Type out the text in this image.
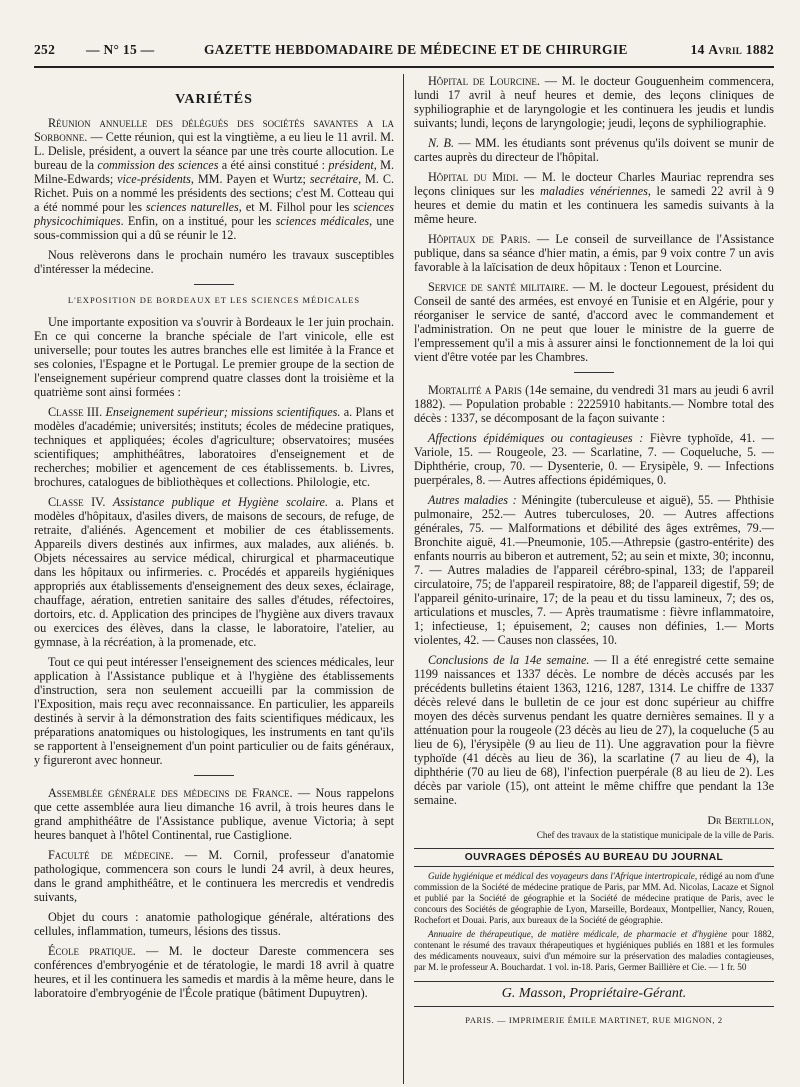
252 — N° 15 —	GAZETTE HEBDOMADAIRE DE MÉDECINE ET DE CHIRURGIE	14 Avril 1882
VARIÉTÉS

Réunion annuelle des délégués des sociétés savantes a la Sorbonne. — Cette réunion, qui est la vingtième, a eu lieu le 11 avril. M. L. Delisle, président, a ouvert la séance par une très courte allocution. Le bureau de la commission des sciences a été ainsi constitué : président, M. Milne-Edwards; vice-présidents, MM. Payen et Wurtz; secrétaire, M. C. Richet. Puis on a nommé les présidents des sections; c'est M. Cotteau qui a été nommé pour les sciences naturelles, et M. Filhol pour les sciences physicochimiques. Enfin, on a institué, pour les sciences médicales, une sous-commission qui a dû se réunir le 12.

Nous relèverons dans le prochain numéro les travaux susceptibles d'intéresser la médecine.

L'EXPOSITION DE BORDEAUX ET LES SCIENCES MÉDICALES

Une importante exposition va s'ouvrir à Bordeaux le 1er juin prochain. En ce qui concerne la branche spéciale de l'art vinicole, elle est universelle; pour toutes les autres branches elle est limitée à la France et ses colonies, l'Espagne et le Portugal. Le premier groupe de la section de l'enseignement supérieur comprend quatre classes dont la troisième et la quatrième sont ainsi formées :

Classe III. Enseignement supérieur; missions scientifiques. a. Plans et modèles d'académie; universités; instituts; écoles de médecine pratiques, techniques et appliquées; écoles d'agriculture; observatoires; musées scientifiques; amphithéâtres, laboratoires d'enseignement et de recherches; mobilier et agencement de ces établissements. b. Livres, brochures, catalogues de bibliothèques et collections. Philologie, etc.

Classe IV. Assistance publique et Hygiène scolaire. a. Plans et modèles d'hôpitaux, d'asiles divers, de maisons de secours, de refuge, de retraite, d'aliénés. Agencement et mobilier de ces établissements. Appareils divers destinés aux infirmes, aux malades, aux aliénés. b. Objets nécessaires au service médical, chirurgical et pharmaceutique dans les hôpitaux ou infirmeries. c. Procédés et appareils hygiéniques appropriés aux établissements d'enseignement des deux sexes, éclairage, chauffage, aération, entretien sanitaire des salles d'études, réfectoires, dortoirs, etc. d. Application des principes de l'hygiène aux divers travaux ou exercices des élèves, dans la classe, le laboratoire, l'atelier, au gymnase, à la récréation, à la promenade, etc.

Tout ce qui peut intéresser l'enseignement des sciences médicales, leur application à l'Assistance publique et à l'hygiène des établissements d'instruction, sera non seulement accueilli par la commission de l'Exposition, mais reçu avec reconnaissance. En particulier, les appareils destinés à servir à la démonstration des faits scientifiques médicaux, les préparations anatomiques ou histologiques, les instruments en tant qu'ils se rapportent à l'enseignement d'un point particulier ou de faits généraux, y figureront avec honneur.

Assemblée générale des médecins de France. — Nous rappelons que cette assemblée aura lieu dimanche 16 avril, à trois heures dans le grand amphithéâtre de l'Assistance publique, avenue Victoria; à sept heures banquet à l'hôtel Continental, rue Castiglione.

Faculté de médecine. — M. Cornil, professeur d'anatomie pathologique, commencera son cours le lundi 24 avril, à deux heures, dans le grand amphithéâtre, et le continuera les mercredis et vendredis suivants,

Objet du cours : anatomie pathologique générale, altérations des cellules, inflammation, tumeurs, lésions des tissus.

École pratique. — M. le docteur Dareste commencera ses conférences d'embryogénie et de tératologie, le mardi 18 avril à quatre heures, et il les continuera les samedis et mardis à la même heure, dans le laboratoire d'embryogénie de l'École pratique (bâtiment Dupuytren).

Hôpital de Lourcine. — M. le docteur Gouguenheim commencera, lundi 17 avril à neuf heures et demie, des leçons cliniques de syphiliographie et de laryngologie et les continuera les jeudis et lundis suivants; lundi, leçons de laryngologie; jeudi, leçons de syphiliographie.

N. B. — MM. les étudiants sont prévenus qu'ils doivent se munir de cartes auprès du directeur de l'hôpital.

Hôpital du Midi. — M. le docteur Charles Mauriac reprendra ses leçons cliniques sur les maladies vénériennes, le samedi 22 avril à 9 heures et demie du matin et les continuera les samedis suivants à la même heure.

Hôpitaux de Paris. — Le conseil de surveillance de l'Assistance publique, dans sa séance d'hier matin, a émis, par 9 voix contre 7 un avis favorable à la laïcisation de deux hôpitaux : Tenon et Lourcine.

Service de santé militaire. — M. le docteur Legouest, président du Conseil de santé des armées, est envoyé en Tunisie et en Algérie, pour y réorganiser le service de santé, d'accord avec le commandement et l'administration. On ne peut que louer le ministre de la guerre de l'empressement qu'il a mis à assurer ainsi le fonctionnement de la loi qui vient d'être votée par les Chambres.

Mortalité a Paris (14e semaine, du vendredi 31 mars au jeudi 6 avril 1882). — Population probable : 2225910 habitants.— Nombre total des décès : 1337, se décomposant de la façon suivante :

Affections épidémiques ou contagieuses : Fièvre typhoïde, 41. — Variole, 15. — Rougeole, 23. — Scarlatine, 7. — Coqueluche, 5. — Diphthérie, croup, 70. — Dysenterie, 0. — Erysipèle, 9. — Infections puerpérales, 8. — Autres affections épidémiques, 0.

Autres maladies : Méningite (tuberculeuse et aiguë), 55. — Phthisie pulmonaire, 252.— Autres tuberculoses, 20. — Autres affections générales, 75. — Malformations et débilité des âges extrêmes, 79.—Bronchite aiguë, 41.—Pneumonie, 105.—Athrepsie (gastro-entérite) des enfants nourris au biberon et autrement, 52; au sein et mixte, 30; inconnu, 7. — Autres maladies de l'appareil cérébro-spinal, 133; de l'appareil circulatoire, 75; de l'appareil respiratoire, 88; de l'appareil digestif, 59; de l'appareil génito-urinaire, 17; de la peau et du tissu lamineux, 7; des os, articulations et muscles, 7. — Après traumatisme : fièvre inflammatoire, 1; infectieuse, 1; épuisement, 2; causes non définies, 1.— Morts violentes, 42. — Causes non classées, 10.

Conclusions de la 14e semaine. — Il a été enregistré cette semaine 1199 naissances et 1337 décès. Le nombre de décès accusés par les précédents bulletins étaient 1363, 1216, 1287, 1314. Le chiffre de 1337 décès relevé dans le bulletin de ce jour est donc supérieur au chiffre moyen des décès survenus pendant les quatre dernières semaines. Il y a atténuation pour la rougeole (23 décès au lieu de 27), la coqueluche (5 au lieu de 6), l'érysipèle (9 au lieu de 11). Une aggravation pour la fièvre typhoïde (41 décès au lieu de 36), la scarlatine (7 au lieu de 4), la diphthérie (70 au lieu de 68), l'infection puerpérale (8 au lieu de 2). Les décès par variole (15), ont atteint le même chiffre que pendant la 13e semaine.

Dr Bertillon,
Chef des travaux de la statistique municipale de la ville de Paris.
OUVRAGES DÉPOSÉS AU BUREAU DU JOURNAL

Guide hygiénique et médical des voyageurs dans l'Afrique intertropicale, rédigé au nom d'une commission de la Société de médecine pratique de Paris, par MM. Ad. Nicolas, Lacaze et Signol et publié par la Société de géographie et la Société de médecine pratique de Paris, avec le concours des Sociétés de géographie de Lyon, Marseille, Bordeaux, Montpellier, Nancy, Rouen, Rochefort et Douai. Paris, aux bureaux de la Société de géographie.

Annuaire de thérapeutique, de matière médicale, de pharmacie et d'hygiène pour 1882, contenant le résumé des travaux thérapeutiques et hygiéniques publiés en 1881 et les formules des médicaments nouveaux, suivi d'un mémoire sur la préservation des maladies contagieuses, par M. le professeur A. Bouchardat. 1 vol. in-18. Paris, Germer Baillière et Cie. — 1 fr. 50

G. Masson, Propriétaire-Gérant.
PARIS. — IMPRIMERIE ÉMILE MARTINET, RUE MIGNON, 2
